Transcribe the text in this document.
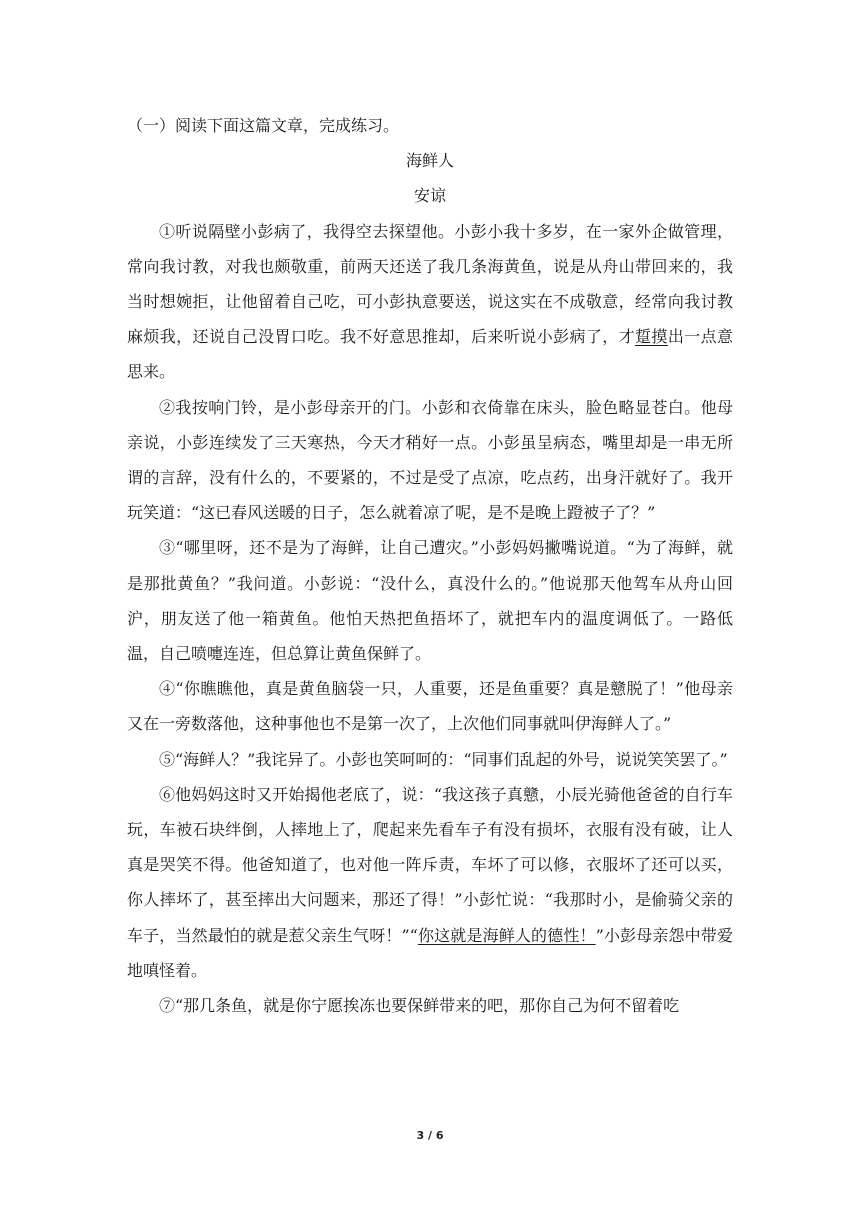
（一）阅读下面这篇文章，完成练习。

海鲜人

安谅

①听说隔壁小彭病了，我得空去探望他。小彭小我十多岁，在一家外企做管理，常向我讨教，对我也颇敬重，前两天还送了我几条海黄鱼，说是从舟山带回来的，我当时想婉拒，让他留着自己吃，可小彭执意要送，说这实在不成敬意，经常向我讨教麻烦我，还说自己没胃口吃。我不好意思推却，后来听说小彭病了，才踅摸出一点意思来。

②我按响门铃，是小彭母亲开的门。小彭和衣倚靠在床头，脸色略显苍白。他母亲说，小彭连续发了三天寒热，今天才稍好一点。小彭虽呈病态，嘴里却是一串无所谓的言辞，没有什么的，不要紧的，不过是受了点凉，吃点药，出身汗就好了。我开玩笑道：“这已春风送暖的日子，怎么就着凉了呢，是不是晚上蹬被子了？”

③“哪里呀，还不是为了海鲜，让自己遭灾。”小彭妈妈撇嘴说道。“为了海鲜，就是那批黄鱼？”我问道。小彭说：“没什么，真没什么的。”他说那天他驾车从舟山回沪，朋友送了他一箱黄鱼。他怕天热把鱼捂坏了，就把车内的温度调低了。一路低温，自己喷嚏连连，但总算让黄鱼保鲜了。

④“你瞧瞧他，真是黄鱼脑袋一只，人重要，还是鱼重要？真是戆脱了！”他母亲又在一旁数落他，这种事他也不是第一次了，上次他们同事就叫伊海鲜人了。”

⑤“海鲜人？”我诧异了。小彭也笑呵呵的：“同事们乱起的外号，说说笑笑罢了。”

⑥他妈妈这时又开始揭他老底了，说：“我这孩子真戆，小辰光骑他爸爸的自行车玩，车被石块绊倒，人摔地上了，爬起来先看车子有没有损坏，衣服有没有破，让人真是哭笑不得。他爸知道了，也对他一阵斥责，车坏了可以修，衣服坏了还可以买，你人摔坏了，甚至摔出大问题来，那还了得！”小彭忙说：“我那时小，是偷骑父亲的车子，当然最怕的就是惹父亲生气呀！”“你这就是海鲜人的德性！”小彭母亲怨中带爱地嗔怪着。

⑦“那几条鱼，就是你宁愿挨冻也要保鲜带来的吧，那你自己为何不留着吃

3 / 6
